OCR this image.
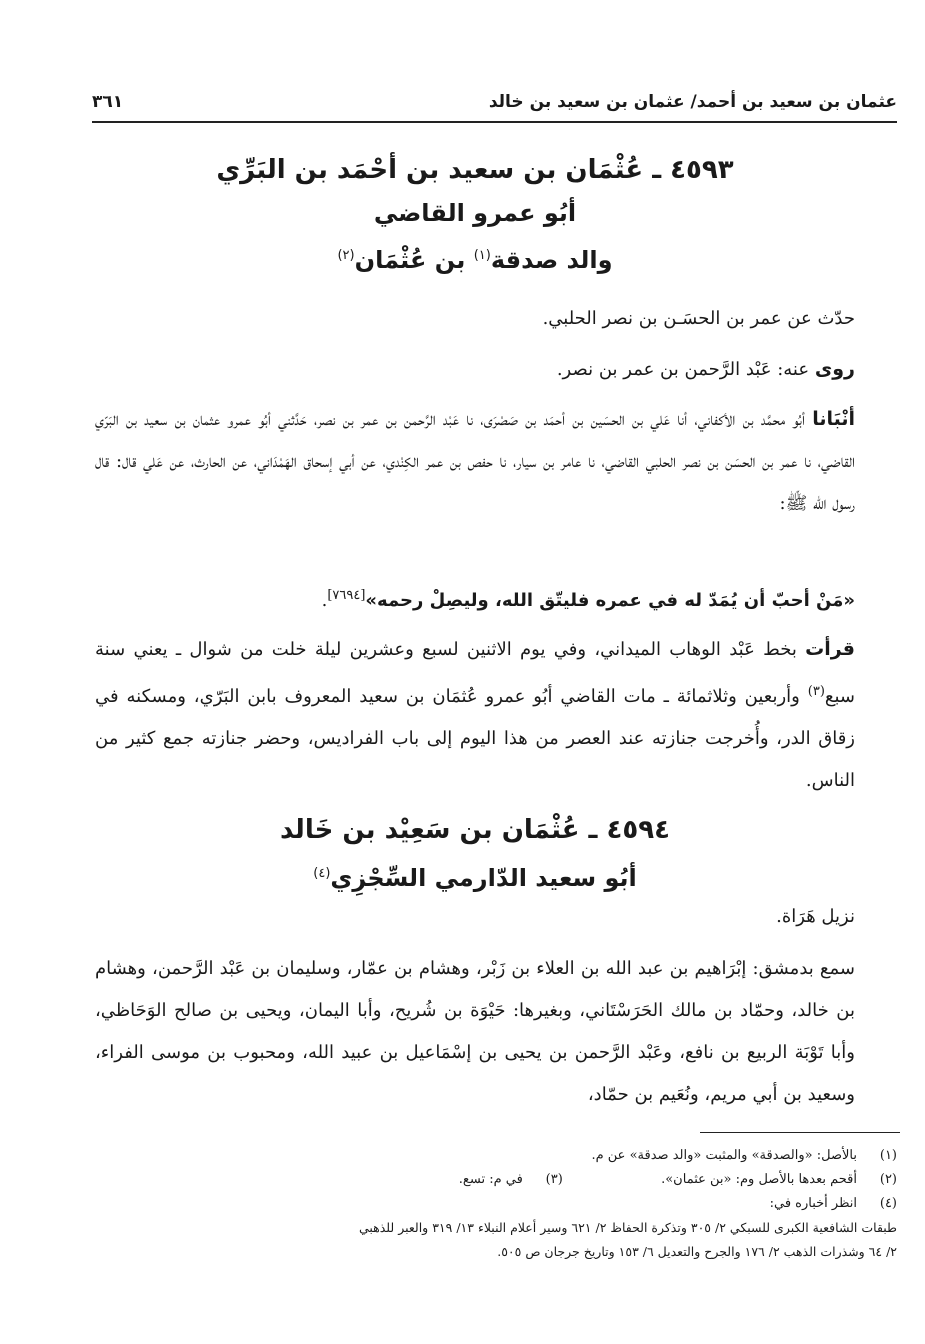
عثمان بن سعيد بن أحمد/ عثمان بن سعيد بن خالد
٣٦١
٤٥٩٣ ـ عُثْمَان بن سعيد بن أحْمَد بن البَرِّي
أبُو عمرو القاضي
والد صدقة$^{(١)}$ بن عُثْمَان$^{(٢)}$
حدّث عن عمر بن الحسَـن بن نصر الحلبي.
روى عنه: عَبْد الرَّحمن بن عمر بن نصر.
أنْبَانا أبُو محمَّد بن الأكفاني، أنا عَلي بن الحسَين بن أحمَد بن صَصْرَى، نا عَبْد الرَّحمن بن عمر بن نصر، حَدَّثني أبُو عمرو عثمان بن سعيد بن البَرّي القاضي، نا عمر بن الحسَن بن نصر الحلبي القاضي، نا عامر بن سيار، نا حفص بن عمر الكِنْدي، عن أبي إسحاق الهَمْدَاني، عن الحارث، عن عَلي قال: قال رسول الله ﷺ:
«مَنْ أحبّ أن يُمَدّ له في عمره فليتّق الله، وليصِلْ رحمه»[٧٦٩٤].
قرأت بخط عَبْد الوهاب الميداني، وفي يوم الاثنين لسبع وعشرين ليلة خلت من شوال ـ يعني سنة سبع$^{(٣)}$ وأربعين وثلاثمائة ـ مات القاضي أبُو عمرو عُثمَان بن سعيد المعروف بابن البَرّي، ومسكنه في زقاق الدر، وأُخرجت جنازته عند العصر من هذا اليوم إلى باب الفراديس، وحضر جنازته جمع كثير من الناس.
٤٥٩٤ ـ عُثْمَان بن سَعِيْد بن خَالد
أبُو سعيد الدّارمي السِّجْزِي$^{(٤)}$
نزيل هَرَاة.
سمع بدمشق: إبْرَاهيم بن عبد الله بن العلاء بن زَبْر، وهشام بن عمّار، وسليمان بن عَبْد الرَّحمن، وهشام بن خالد، وحمّاد بن مالك الحَرَسْتَاني، وبغيرها: حَيْوَة بن شُريح، وأبا اليمان، ويحيى بن صالح الوَحَاظي، وأبا تَوْبَة الربيع بن نافع، وعَبْد الرَّحمن بن يحيى بن إسْمَاعيل بن عبيد الله، ومحبوب بن موسى الفراء، وسعيد بن أبي مريم، ونُعَيم بن حمّاد،
(١)بالأصل: «والصدقة» والمثبت «والد صدقة» عن م.
(٢)أقحم بعدها بالأصل وم: «بن عثمان».  (٣)في م: تسع.
(٤)انظر أخباره في:
طبقات الشافعية الكبرى للسبكي ٢/ ٣٠٥ وتذكرة الحفاظ ٢/ ٦٢١ وسير أعلام النبلاء ١٣/ ٣١٩ والعبر للذهبي
٢/ ٦٤ وشذرات الذهب ٢/ ١٧٦ والجرح والتعديل ٦/ ١٥٣ وتاريخ جرجان ص ٥٠٥.
